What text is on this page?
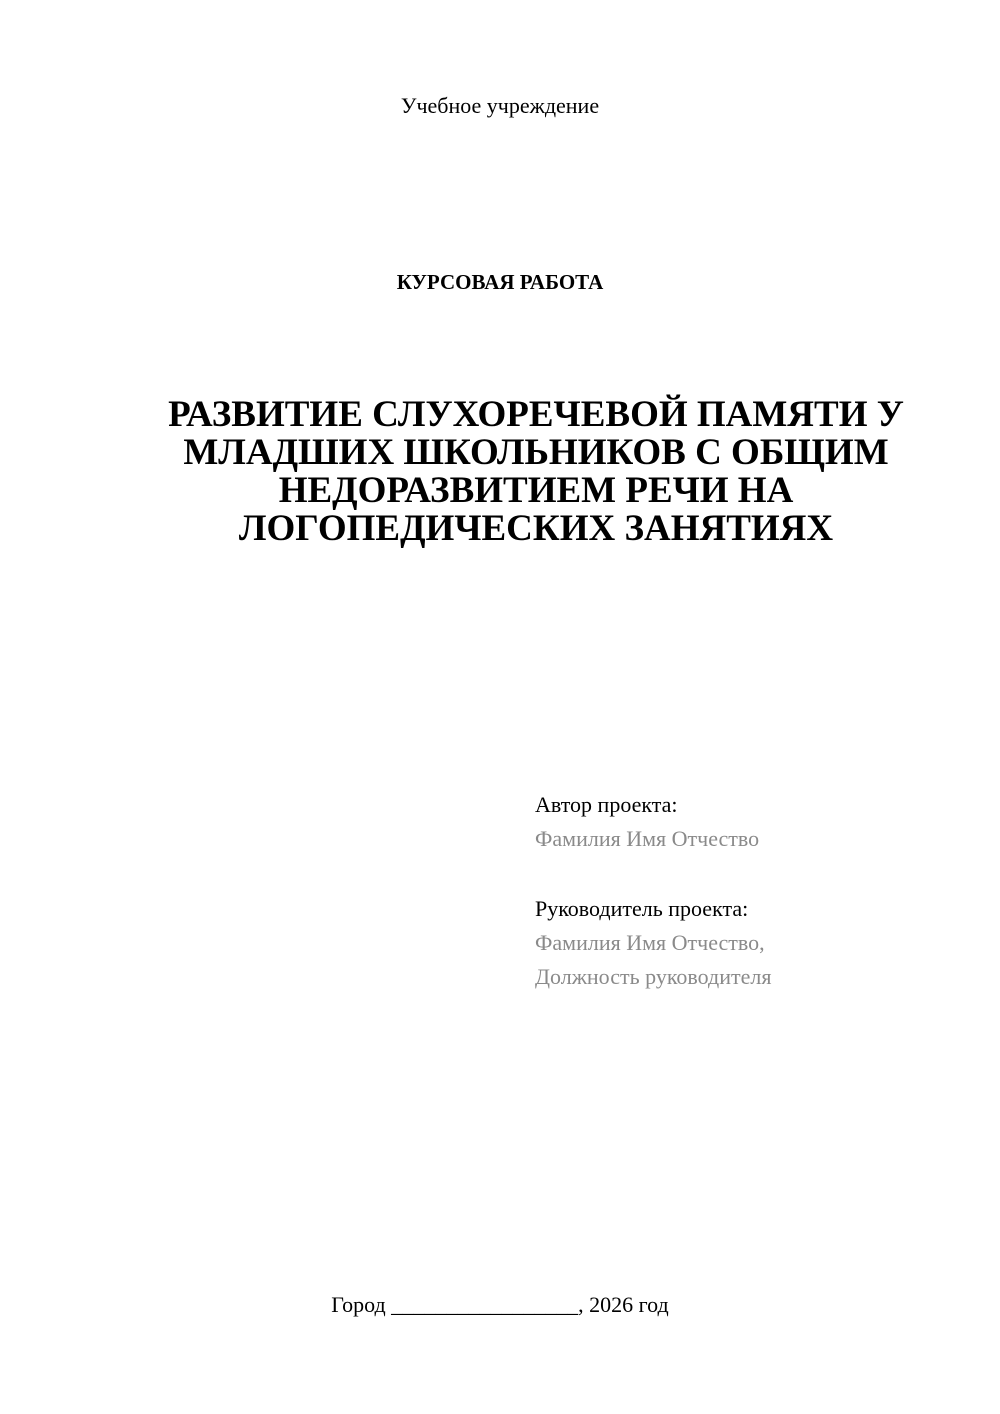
Учебное учреждение
КУРСОВАЯ РАБОТА
РАЗВИТИЕ СЛУХОРЕЧЕВОЙ ПАМЯТИ У
МЛАДШИХ ШКОЛЬНИКОВ С ОБЩИМ
НЕДОРАЗВИТИЕМ РЕЧИ НА
ЛОГОПЕДИЧЕСКИХ ЗАНЯТИЯХ
Автор проекта:
Фамилия Имя Отчество
Руководитель проекта:
Фамилия Имя Отчество,
Должность руководителя
Город _________________, 2026 год
